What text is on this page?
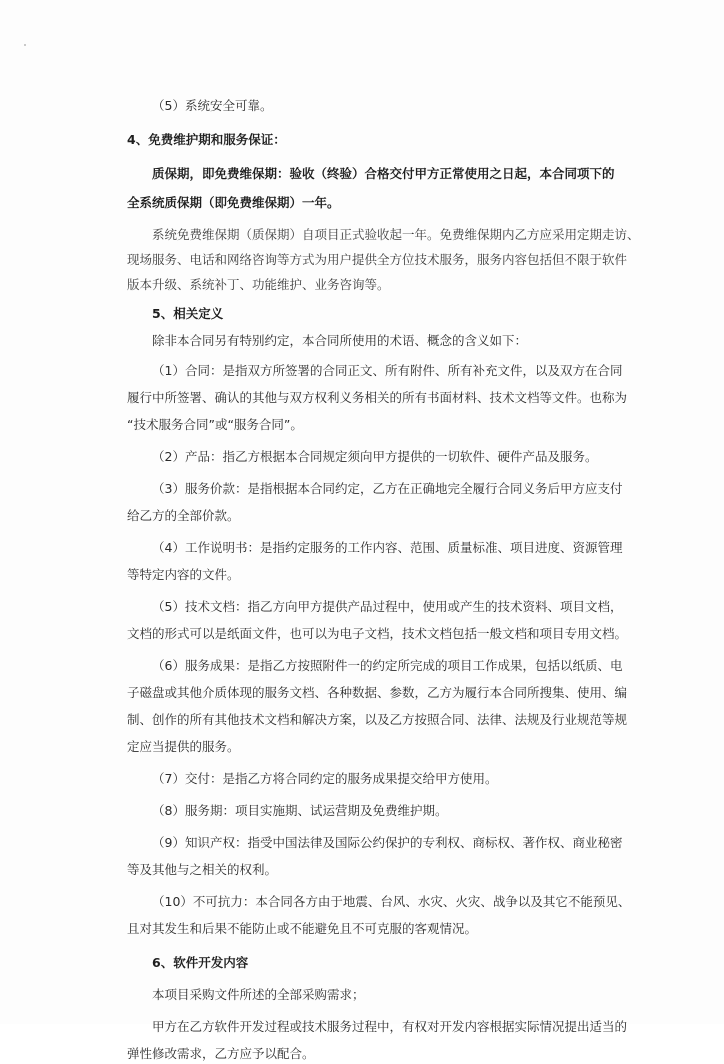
（5）系统安全可靠。

4、免费维护期和服务保证：

质保期，即免费维保期：验收（终验）合格交付甲方正常使用之日起，本合同项下的

全系统质保期（即免费维保期）一年。

系统免费维保期（质保期）自项目正式验收起一年。免费维保期内乙方应采用定期走访、

现场服务、电话和网络咨询等方式为用户提供全方位技术服务，服务内容包括但不限于软件

版本升级、系统补丁、功能维护、业务咨询等。

5、相关定义

除非本合同另有特别约定，本合同所使用的术语、概念的含义如下：

（1）合同：是指双方所签署的合同正文、所有附件、所有补充文件，以及双方在合同

履行中所签署、确认的其他与双方权利义务相关的所有书面材料、技术文档等文件。也称为

“技术服务合同”或“服务合同”。

（2）产品：指乙方根据本合同规定须向甲方提供的一切软件、硬件产品及服务。

（3）服务价款：是指根据本合同约定，乙方在正确地完全履行合同义务后甲方应支付

给乙方的全部价款。

（4）工作说明书：是指约定服务的工作内容、范围、质量标准、项目进度、资源管理

等特定内容的文件。

（5）技术文档：指乙方向甲方提供产品过程中，使用或产生的技术资料、项目文档，

文档的形式可以是纸面文件，也可以为电子文档，技术文档包括一般文档和项目专用文档。

（6）服务成果：是指乙方按照附件一的约定所完成的项目工作成果，包括以纸质、电

子磁盘或其他介质体现的服务文档、各种数据、参数，乙方为履行本合同所搜集、使用、编

制、创作的所有其他技术文档和解决方案，以及乙方按照合同、法律、法规及行业规范等规

定应当提供的服务。

（7）交付：是指乙方将合同约定的服务成果提交给甲方使用。

（8）服务期：项目实施期、试运营期及免费维护期。

（9）知识产权：指受中国法律及国际公约保护的专利权、商标权、著作权、商业秘密

等及其他与之相关的权利。

（10）不可抗力：本合同各方由于地震、台风、水灾、火灾、战争以及其它不能预见、

且对其发生和后果不能防止或不能避免且不可克服的客观情况。

6、软件开发内容

本项目采购文件所述的全部采购需求；

甲方在乙方软件开发过程或技术服务过程中，有权对开发内容根据实际情况提出适当的

弹性修改需求，乙方应予以配合。
